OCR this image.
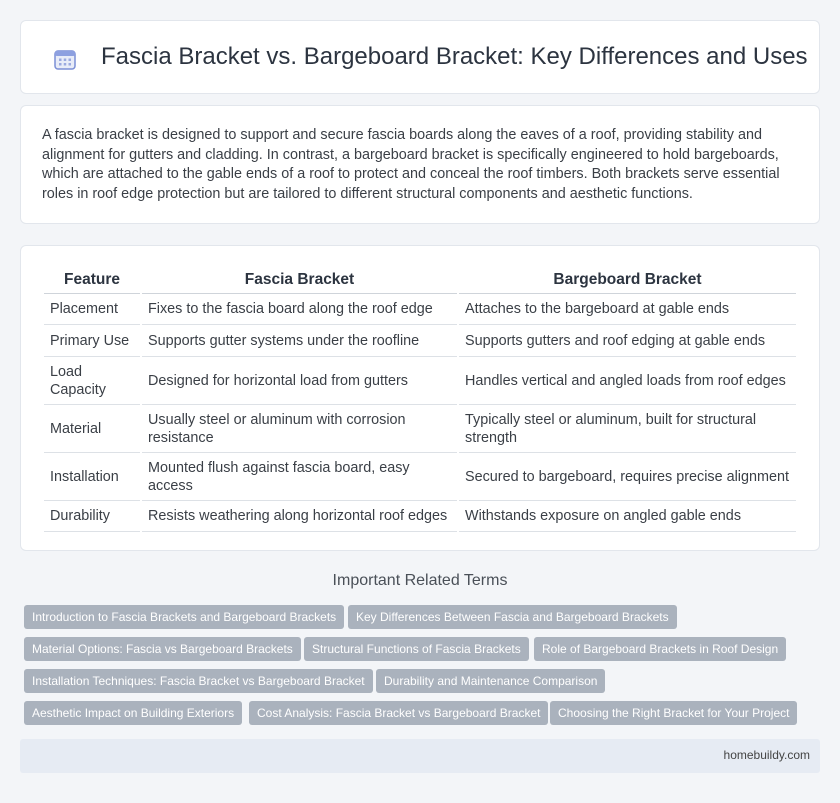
Fascia Bracket vs. Bargeboard Bracket: Key Differences and Uses

A fascia bracket is designed to support and secure fascia boards along the eaves of a roof, providing stability and alignment for gutters and cladding. In contrast, a bargeboard bracket is specifically engineered to hold bargeboards, which are attached to the gable ends of a roof to protect and conceal the roof timbers. Both brackets serve essential roles in roof edge protection but are tailored to different structural components and aesthetic functions.

Feature	Fascia Bracket	Bargeboard Bracket
Placement	Fixes to the fascia board along the roof edge	Attaches to the bargeboard at gable ends
Primary Use	Supports gutter systems under the roofline	Supports gutters and roof edging at gable ends
Load Capacity	Designed for horizontal load from gutters	Handles vertical and angled loads from roof edges
Material	Usually steel or aluminum with corrosion resistance	Typically steel or aluminum, built for structural strength
Installation	Mounted flush against fascia board, easy access	Secured to bargeboard, requires precise alignment
Durability	Resists weathering along horizontal roof edges	Withstands exposure on angled gable ends
Important Related Terms
Introduction to Fascia Brackets and Bargeboard Brackets	Key Differences Between Fascia and Bargeboard Brackets
Material Options: Fascia vs Bargeboard Brackets	Structural Functions of Fascia Brackets	Role of Bargeboard Brackets in Roof Design
Installation Techniques: Fascia Bracket vs Bargeboard Bracket	Durability and Maintenance Comparison
Aesthetic Impact on Building Exteriors	Cost Analysis: Fascia Bracket vs Bargeboard Bracket	Choosing the Right Bracket for Your Project
homebuildy.com
